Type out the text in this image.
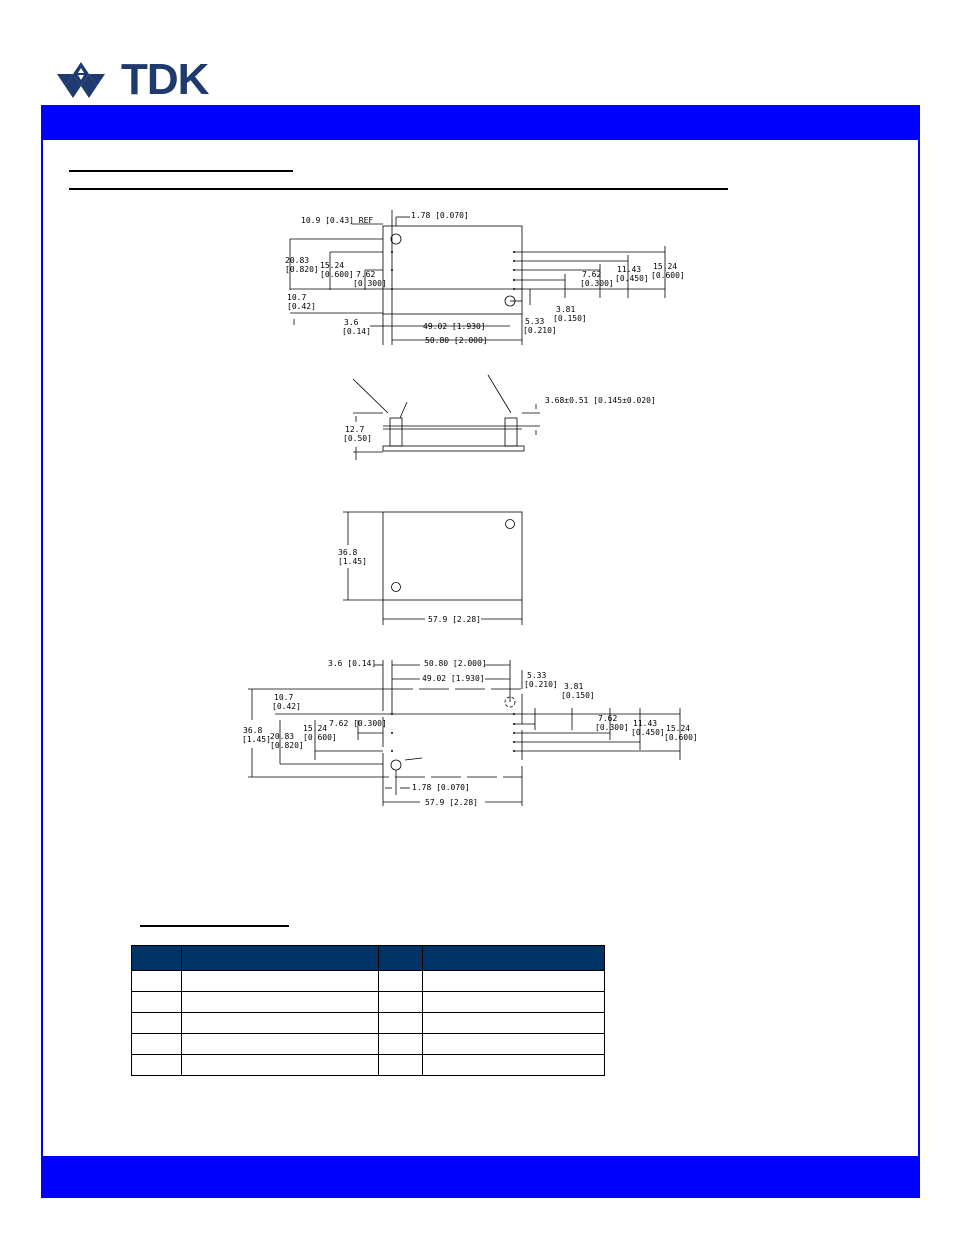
TDK
10.9 [0.43] REF
1.78 [0.070]
20.83
[0.820] 15.24
[0.600] 7.62
[0.300]
10.7
[0.42]
3.6
[0.14]
49.02 [1.930]
50.80 [2.000]
11.43
[0.450]
15.24
[0.600]
7.62
[0.300]
3.81
[0.150]
5.33
[0.210]
3.68±0.51 [0.145±0.020]
12.7
[0.50]
36.8
[1.45]
57.9 [2.28]
3.6 [0.14]	50.80 [2.000]
49.02 [1.930]	5.33
[0.210] 3.81
[0.150]
10.7
[0.42]
7.62 [0.300]
36.8
[1.45]
15.24
[0.600]
20.83
[0.820]
7.62
[0.300] 11.43
[0.450] 15.24
[0.600]
1.78 [0.070]
57.9 [2.28]
